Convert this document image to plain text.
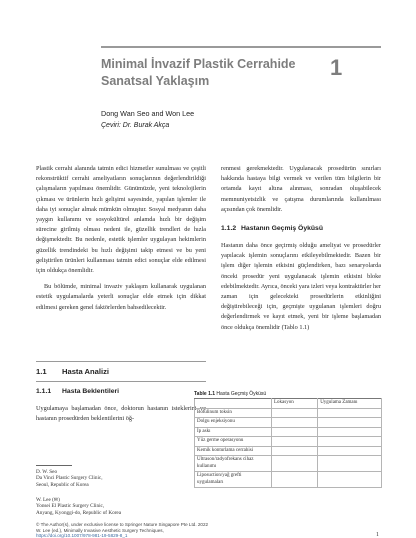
Minimal İnvazif Plastik Cerrahide Sanatsal Yaklaşım
1
Dong Wan Seo and Won Lee
Çeviri: Dr. Burak Akça

Plastik cerrahi alanında tatmin edici hizmetler sunulması ve çeşitli rekonstrüktif cerrahi ameliyatların sonuçlarının değerlendirildiği çalışmaların yapılması önemlidir. Günümüzde, yeni teknolojilerin çıkması ve ürünlerin hızlı gelişimi sayesinde, yapılan işlemler ile daha iyi sonuçlar almak mümkün olmuştur. Sosyal medyanın daha yaygın kullanımı ve sosyokültürel anlamda hızlı bir değişim sürecine girilmiş olması nedeni ile, güzellik trendleri de hızla değişmektedir. Bu nedenle, estetik işlemler uygulayan hekimlerin güzellik trendindeki bu hızlı değişimi takip etmesi ve bu yeni geliştirilen ürünleri kullanması tatmin edici sonuçlar elde edilmesi için oldukça önemlidir.

Bu bölümde, minimal invaziv yaklaşım kullanarak uygulanan estetik uygulamalarda yeterli sonuçlar elde etmek için dikkat edilmesi gereken genel faktörlerden bahsedilecektir.

1.1 Hasta Analizi
1.1.1 Hasta Beklentileri
Uygulamaya başlamadan önce, doktorun hastanın isteklerini ve hastanın prosedürden beklentilerini öğ-

renmesi gerekmektedir. Uygulanacak prosedürün sınırları hakkında hastaya bilgi vermek ve verilen tüm bilgilerin bir ortamda kayıt altına alınması, sonradan oluşabilecek memnuniyetsizlik ve çatışma durumlarında kullanılması açısından çok önemlidir.

1.1.2 Hastanın Geçmiş Öyküsü
Hastanın daha önce geçirmiş olduğu ameliyat ve prosedürler yapılacak işlemin sonuçlarını etkileyebilmektedir. Bazen bir işlem diğer işlemin etkisini güçlendirken, bazı senaryolarda önceki prosedür yeni uygulanacak işlemin etkisini bloke edebilmektedir. Ayrıca, önceki yara izleri veya kontraktürler her zaman için gelecekteki prosedürlerin etkinliğini değiştirebileceği için, geçmişte uygulanan işlemleri doğru değerlendirmek ve kayıt etmek, yeni bir işleme başlamadan önce oldukça önemlidir (Tablo 1.1)
Table 1.1 Hasta Geçmiş Öyküsü
	Lokasyon	Uygulama Zamanı
Botulinum toksin		
Dolgu enjeksiyonu		
İp askı		
Yüz germe operasyonu		
Kemik konturlama cerrahisi		
Ultrason/radyofrekans cihaz kullanımı		
Liposuction/yağ grefti uygulamaları		
D. W. Seo
Da Vinci Plastic Surgery Clinic,
Seoul, Republic of Korea
W. Lee (✉)
Yonsei El Plastic Surgery Clinic,
Anyang, Kyonggi-do, Republic of Korea
© The Author(s), under exclusive license to Springer Nature Singapore Pte Ltd. 2022
W. Lee (ed.), Minimally Invasive Aesthetic Surgery Techniques,
https://doi.org/10.1007/978-981-19-5829-8_1	1
